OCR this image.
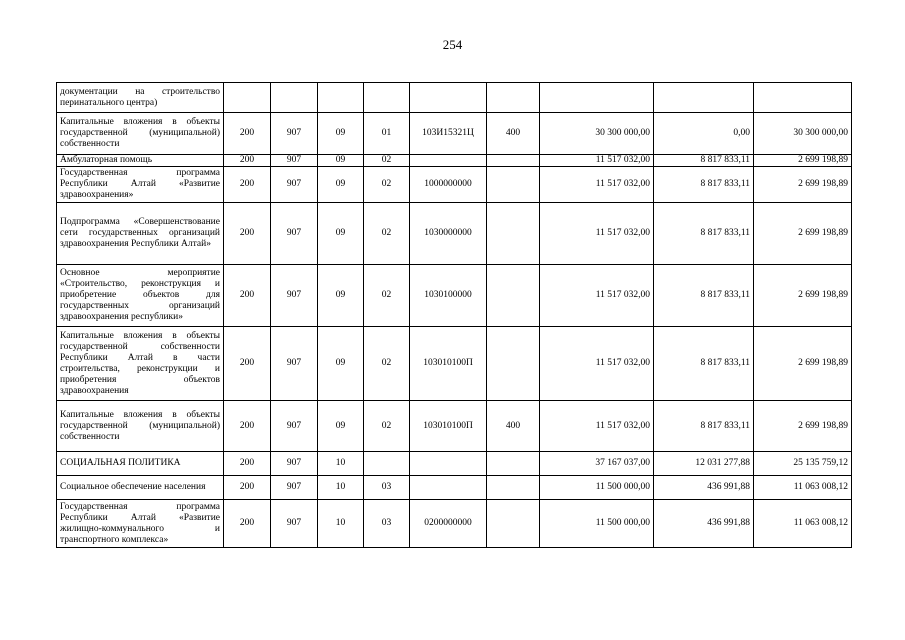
254
документации на строительство перинатального центра)									
Капитальные вложения в объекты государственной (муниципальной) собственности	200	907	09	01	103И15321Ц	400	30 300 000,00	0,00	30 300 000,00
Амбулаторная помощь	200	907	09	02			11 517 032,00	8 817 833,11	2 699 198,89
Государственная программа Республики Алтай «Развитие здравоохранения»	200	907	09	02	1000000000		11 517 032,00	8 817 833,11	2 699 198,89
Подпрограмма «Совершенствование сети государственных организаций здравоохранения Республики Алтай»	200	907	09	02	1030000000		11 517 032,00	8 817 833,11	2 699 198,89
Основное мероприятие «Строительство, реконструкция и приобретение объектов для государственных организаций здравоохранения республики»	200	907	09	02	1030100000		11 517 032,00	8 817 833,11	2 699 198,89
Капитальные вложения в объекты государственной собственности Республики Алтай в части строительства, реконструкции и приобретения объектов здравоохранения	200	907	09	02	103010100П		11 517 032,00	8 817 833,11	2 699 198,89
Капитальные вложения в объекты государственной (муниципальной) собственности	200	907	09	02	103010100П	400	11 517 032,00	8 817 833,11	2 699 198,89
СОЦИАЛЬНАЯ ПОЛИТИКА	200	907	10				37 167 037,00	12 031 277,88	25 135 759,12
Социальное обеспечение населения	200	907	10	03			11 500 000,00	436 991,88	11 063 008,12
Государственная программа Республики Алтай «Развитие жилищно-коммунального и транспортного комплекса»	200	907	10	03	0200000000		11 500 000,00	436 991,88	11 063 008,12
